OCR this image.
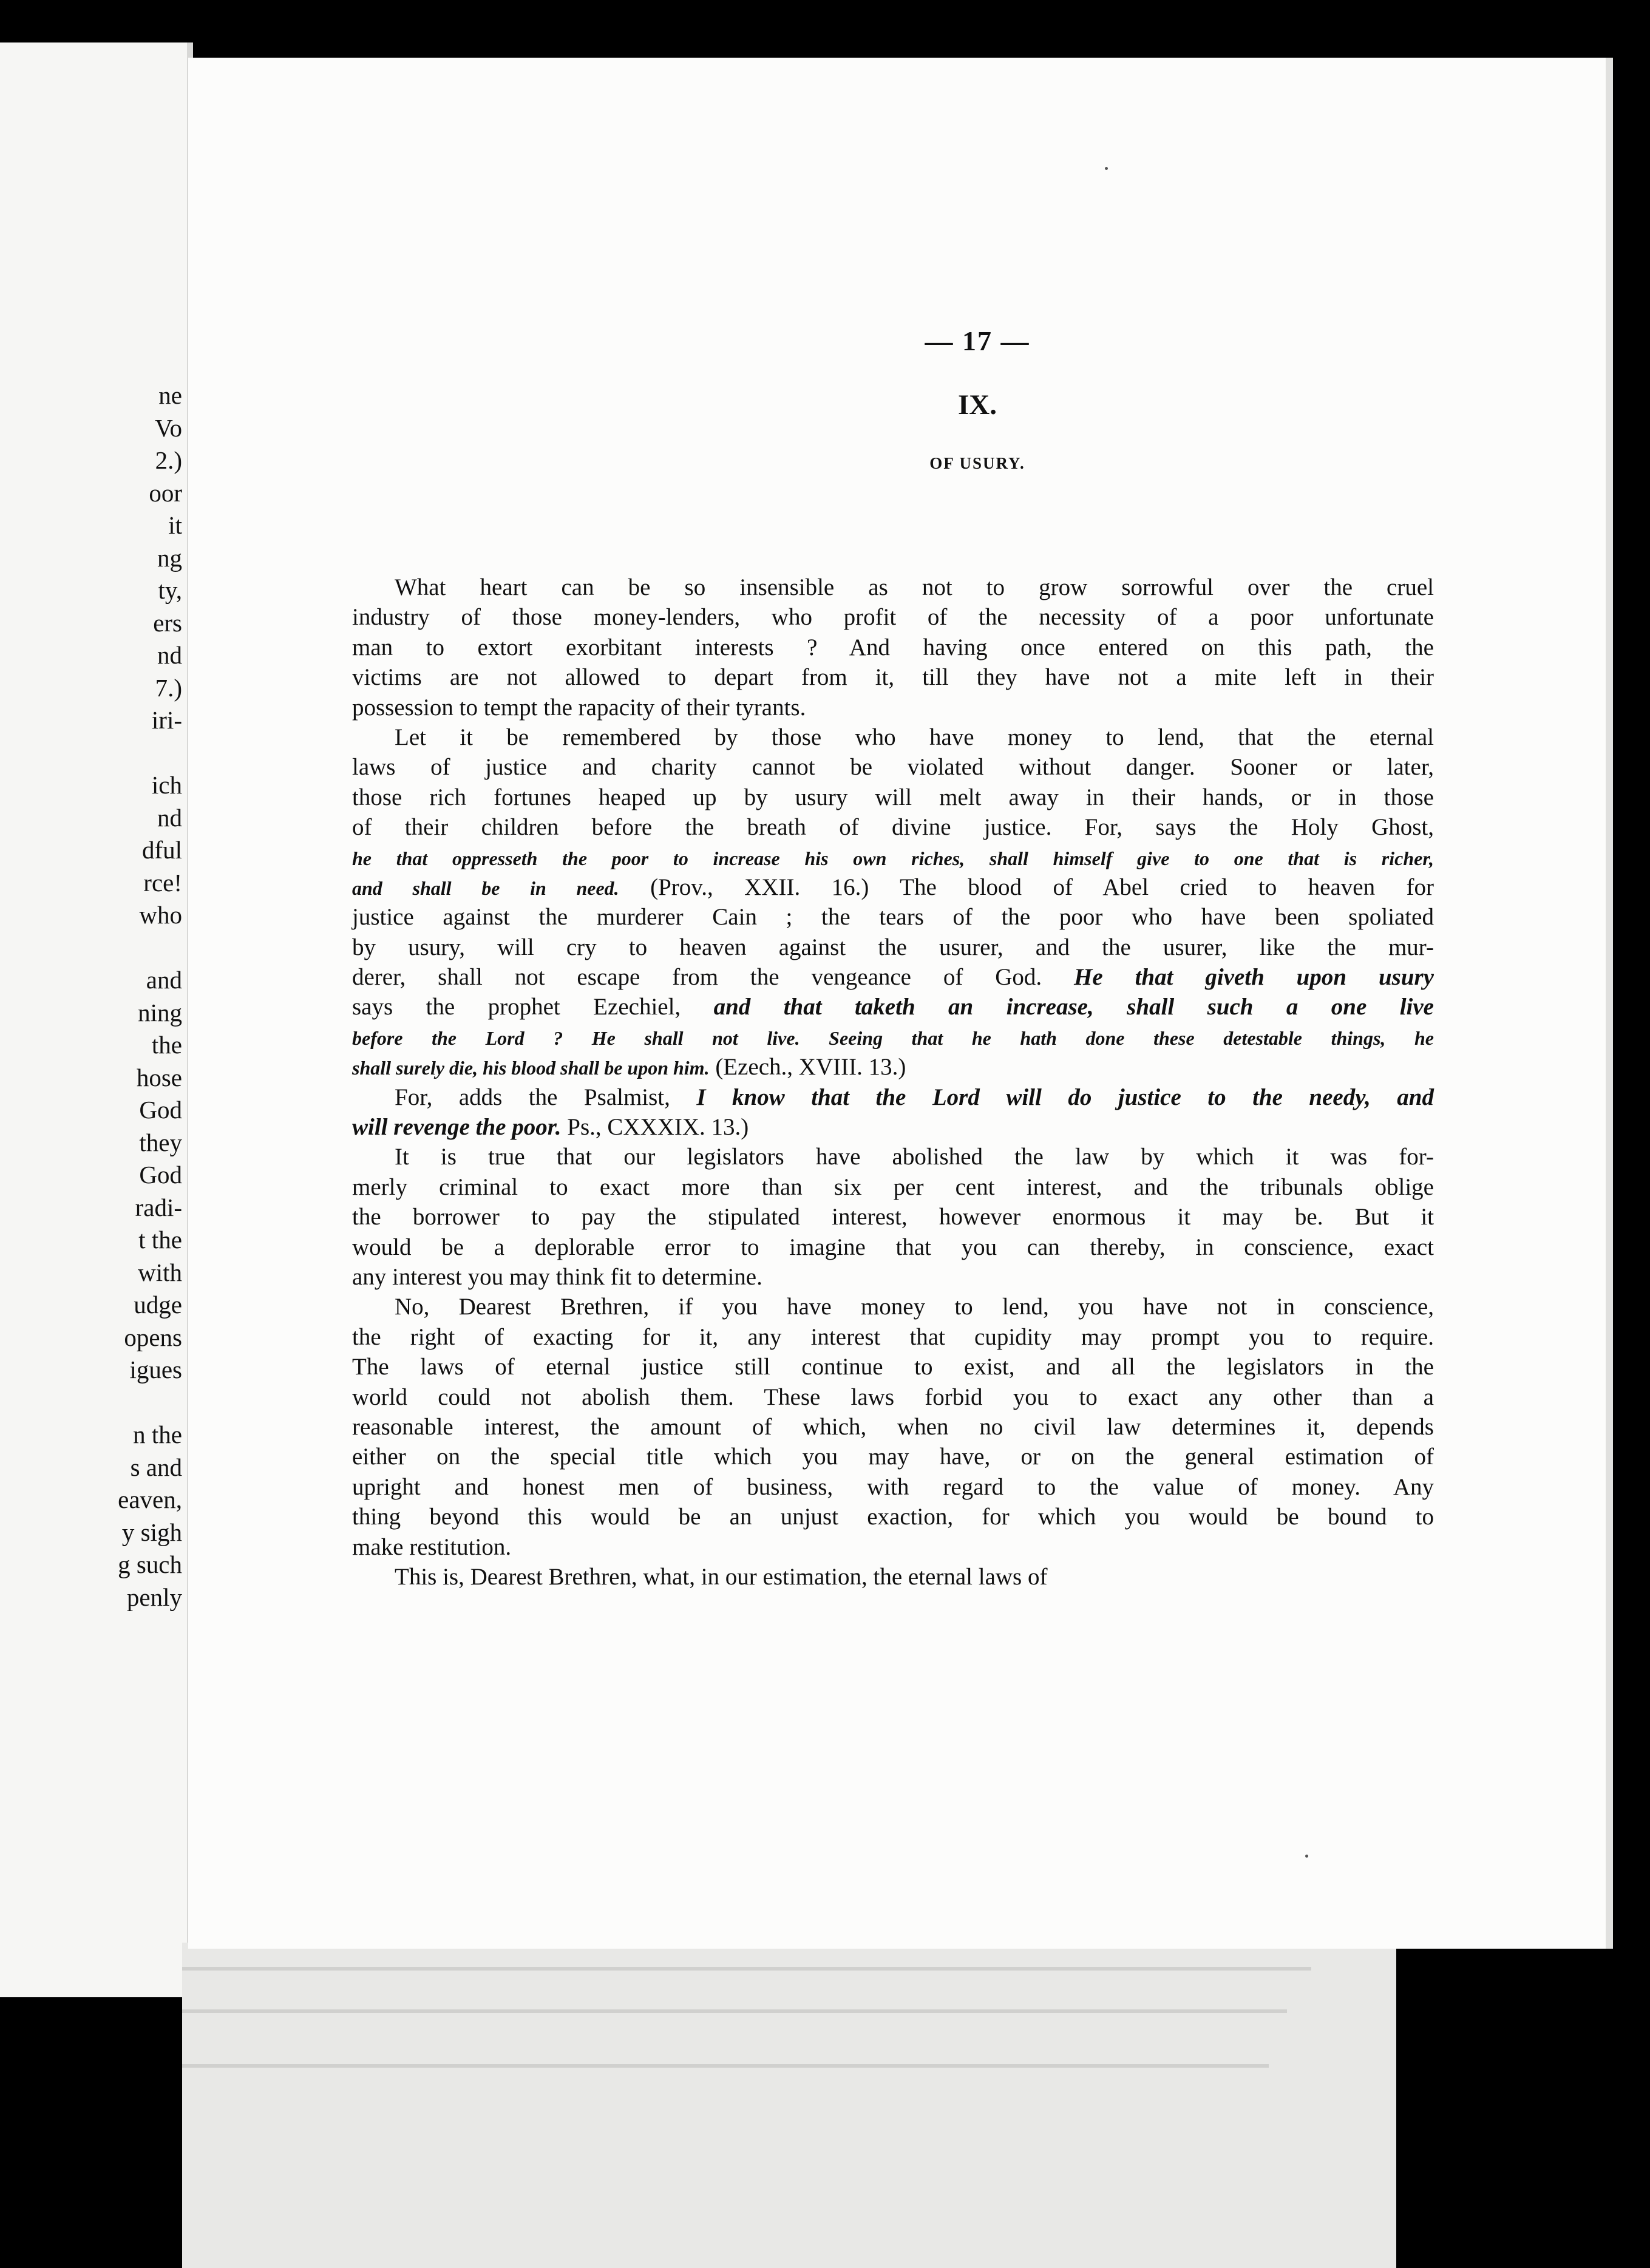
ne
Vo
2.)
oor
it
ng
ty,
ers
nd
7.)
iri-
ich
nd
dful
rce!
who
and
ning
the
hose
God
they
God
radi-
t the
with
udge
opens
igues
n the
s and
eaven,
y sigh
g such
penly
— 17 —
IX.
OF USURY.
What heart can be so insensible as not to grow sorrowful over the cruel
industry of those money-lenders, who profit of the necessity of a poor unfortunate
man to extort exorbitant interests ? And having once entered on this path, the
victims are not allowed to depart from it, till they have not a mite left in their
possession to tempt the rapacity of their tyrants.
Let it be remembered by those who have money to lend, that the eternal
laws of justice and charity cannot be violated without danger. Sooner or later,
those rich fortunes heaped up by usury will melt away in their hands, or in those
of their children before the breath of divine justice. For, says the Holy Ghost,
he that oppresseth the poor to increase his own riches, shall himself give to one that is richer,
and shall be in need. (Prov., XXII. 16.) The blood of Abel cried to heaven for
justice against the murderer Cain ; the tears of the poor who have been spoliated
by usury, will cry to heaven against the usurer, and the usurer, like the mur-
derer, shall not escape from the vengeance of God. He that giveth upon usury
says the prophet Ezechiel, and that taketh an increase, shall such a one live
before the Lord ? He shall not live. Seeing that he hath done these detestable things, he
shall surely die, his blood shall be upon him. (Ezech., XVIII. 13.)
For, adds the Psalmist, I know that the Lord will do justice to the needy, and
will revenge the poor. Ps., CXXXIX. 13.)
It is true that our legislators have abolished the law by which it was for-
merly criminal to exact more than six per cent interest, and the tribunals oblige
the borrower to pay the stipulated interest, however enormous it may be. But it
would be a deplorable error to imagine that you can thereby, in conscience, exact
any interest you may think fit to determine.
No, Dearest Brethren, if you have money to lend, you have not in conscience,
the right of exacting for it, any interest that cupidity may prompt you to require.
The laws of eternal justice still continue to exist, and all the legislators in the
world could not abolish them. These laws forbid you to exact any other than a
reasonable interest, the amount of which, when no civil law determines it, depends
either on the special title which you may have, or on the general estimation of
upright and honest men of business, with regard to the value of money. Any
thing beyond this would be an unjust exaction, for which you would be bound to
make restitution.
This is, Dearest Brethren, what, in our estimation, the eternal laws of
